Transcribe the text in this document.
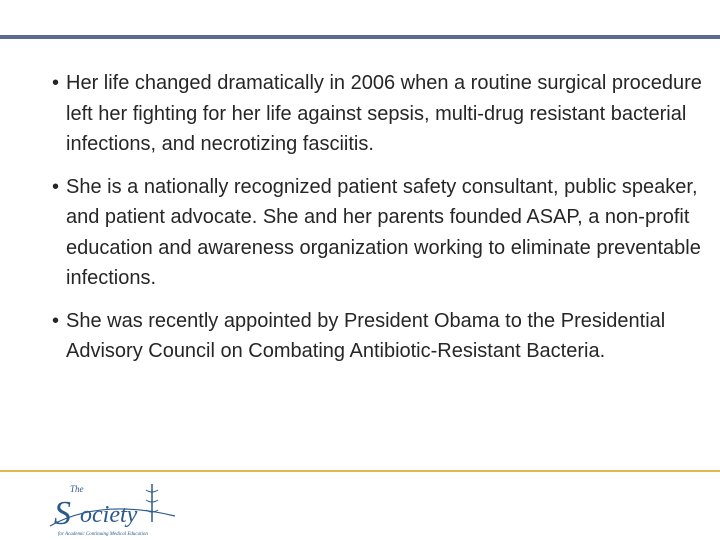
• Her life changed dramatically in 2006 when a routine surgical procedure left her fighting for her life against sepsis, multi-drug resistant bacterial infections, and necrotizing fasciitis.
• She is a nationally recognized patient safety consultant, public speaker, and patient advocate. She and her parents founded ASAP, a non-profit education and awareness organization working to eliminate preventable infections.
• She was recently appointed by President Obama to the Presidential Advisory Council on Combating Antibiotic-Resistant Bacteria.
The
S ociety
for Academic Continuing Medical Education
